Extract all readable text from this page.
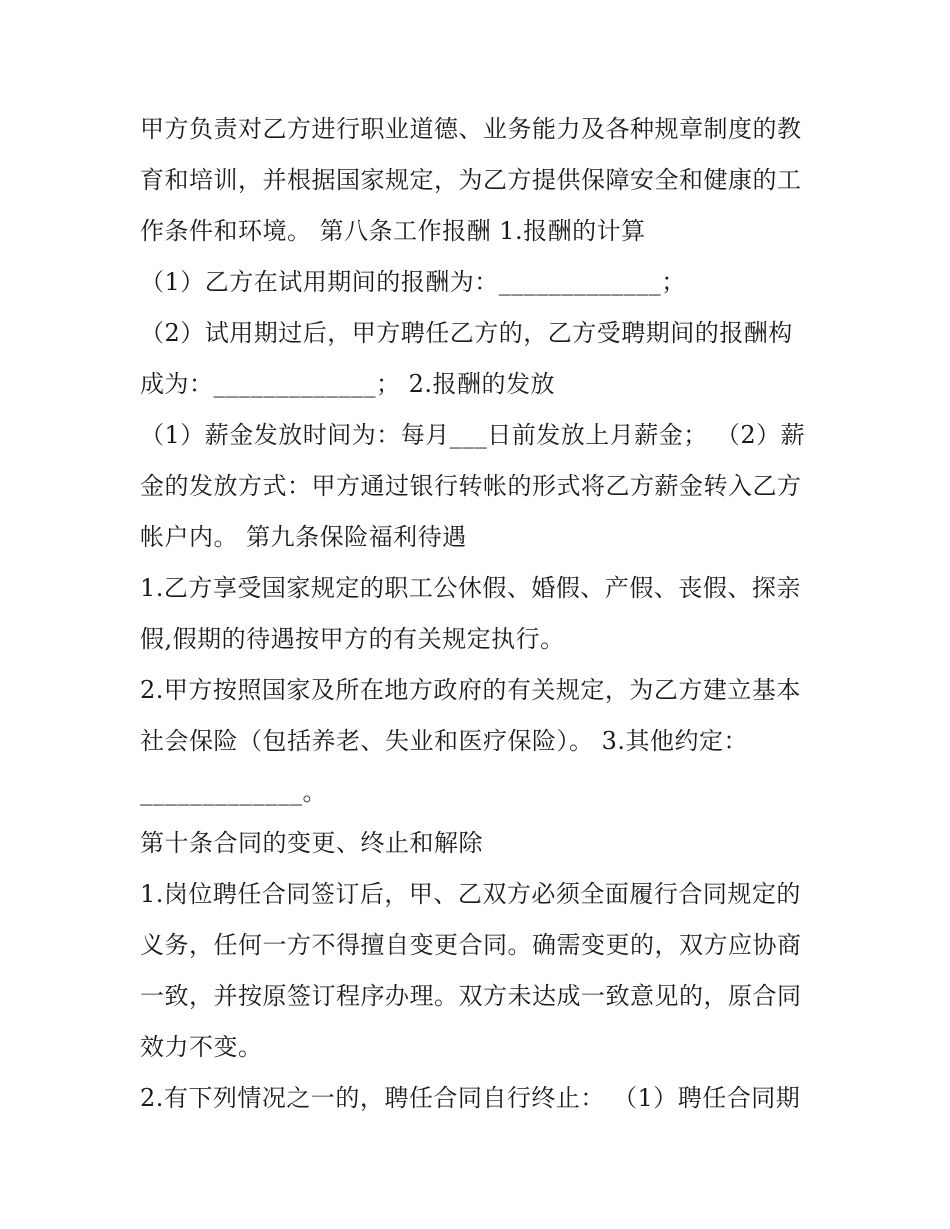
甲方负责对乙方进行职业道德、业务能力及各种规章制度的教
育和培训，并根据国家规定，为乙方提供保障安全和健康的工
作条件和环境。 第八条工作报酬 1.报酬的计算
（1）乙方在试用期间的报酬为：_____________；
（2）试用期过后，甲方聘任乙方的，乙方受聘期间的报酬构
成为：_____________； 2.报酬的发放
（1）薪金发放时间为：每月___日前发放上月薪金； （2）薪
金的发放方式：甲方通过银行转帐的形式将乙方薪金转入乙方
帐户内。 第九条保险福利待遇
1.乙方享受国家规定的职工公休假、婚假、产假、丧假、探亲
假,假期的待遇按甲方的有关规定执行。
2.甲方按照国家及所在地方政府的有关规定，为乙方建立基本
社会保险（包括养老、失业和医疗保险）。 3.其他约定：
_____________。
第十条合同的变更、终止和解除
1.岗位聘任合同签订后，甲、乙双方必须全面履行合同规定的
义务，任何一方不得擅自变更合同。确需变更的，双方应协商
一致，并按原签订程序办理。双方未达成一致意见的，原合同
效力不变。
2.有下列情况之一的，聘任合同自行终止： （1）聘任合同期
